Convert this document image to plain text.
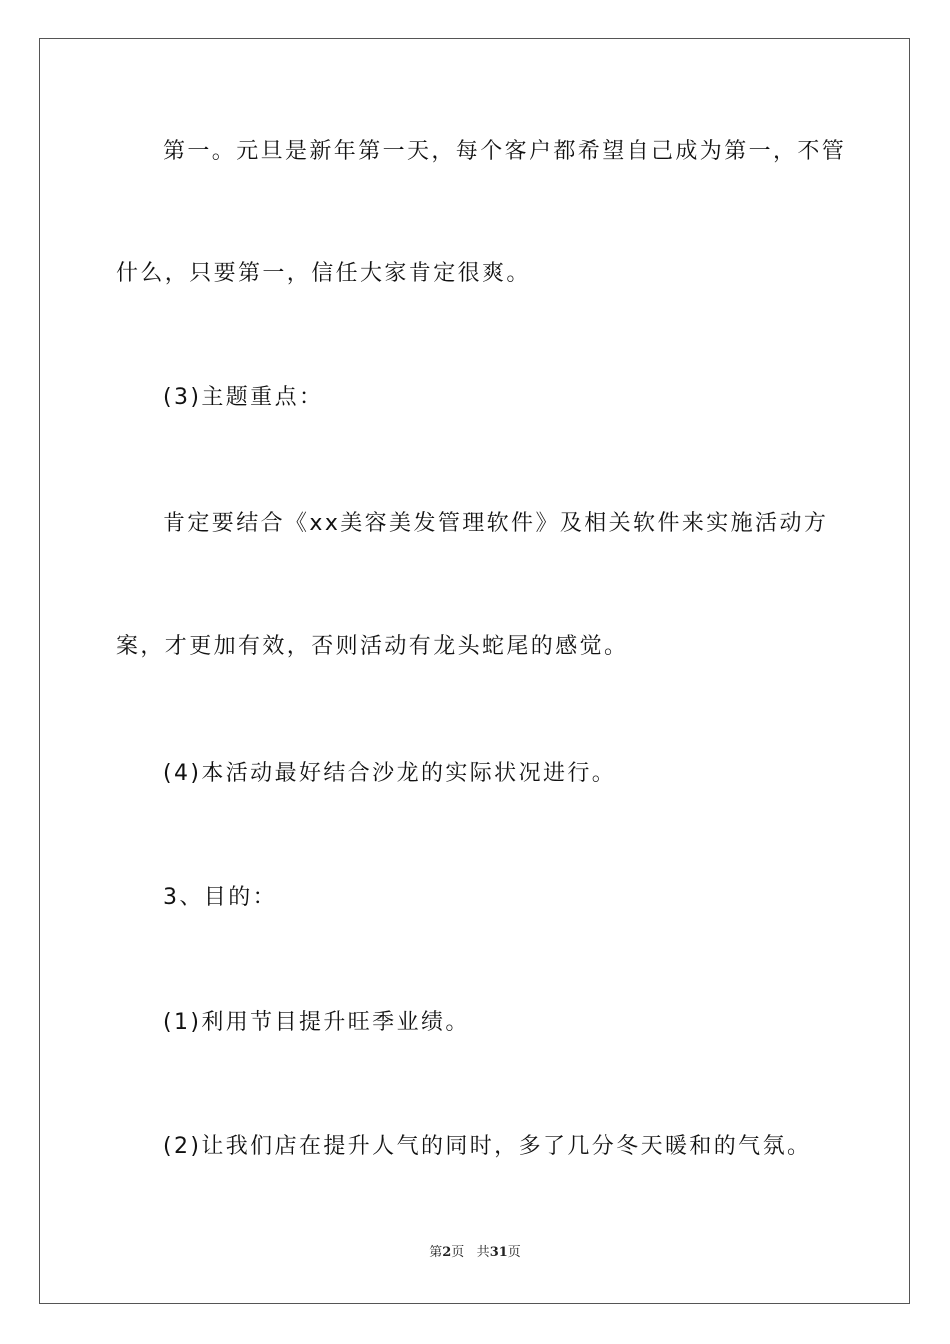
第一。元旦是新年第一天，每个客户都希望自己成为第一，不管
什么，只要第一，信任大家肯定很爽。
(3)主题重点：
肯定要结合《xx美容美发管理软件》及相关软件来实施活动方
案，才更加有效，否则活动有龙头蛇尾的感觉。
(4)本活动最好结合沙龙的实际状况进行。
3、目的：
(1)利用节目提升旺季业绩。
(2)让我们店在提升人气的同时，多了几分冬天暖和的气氛。
第2页 共31页
